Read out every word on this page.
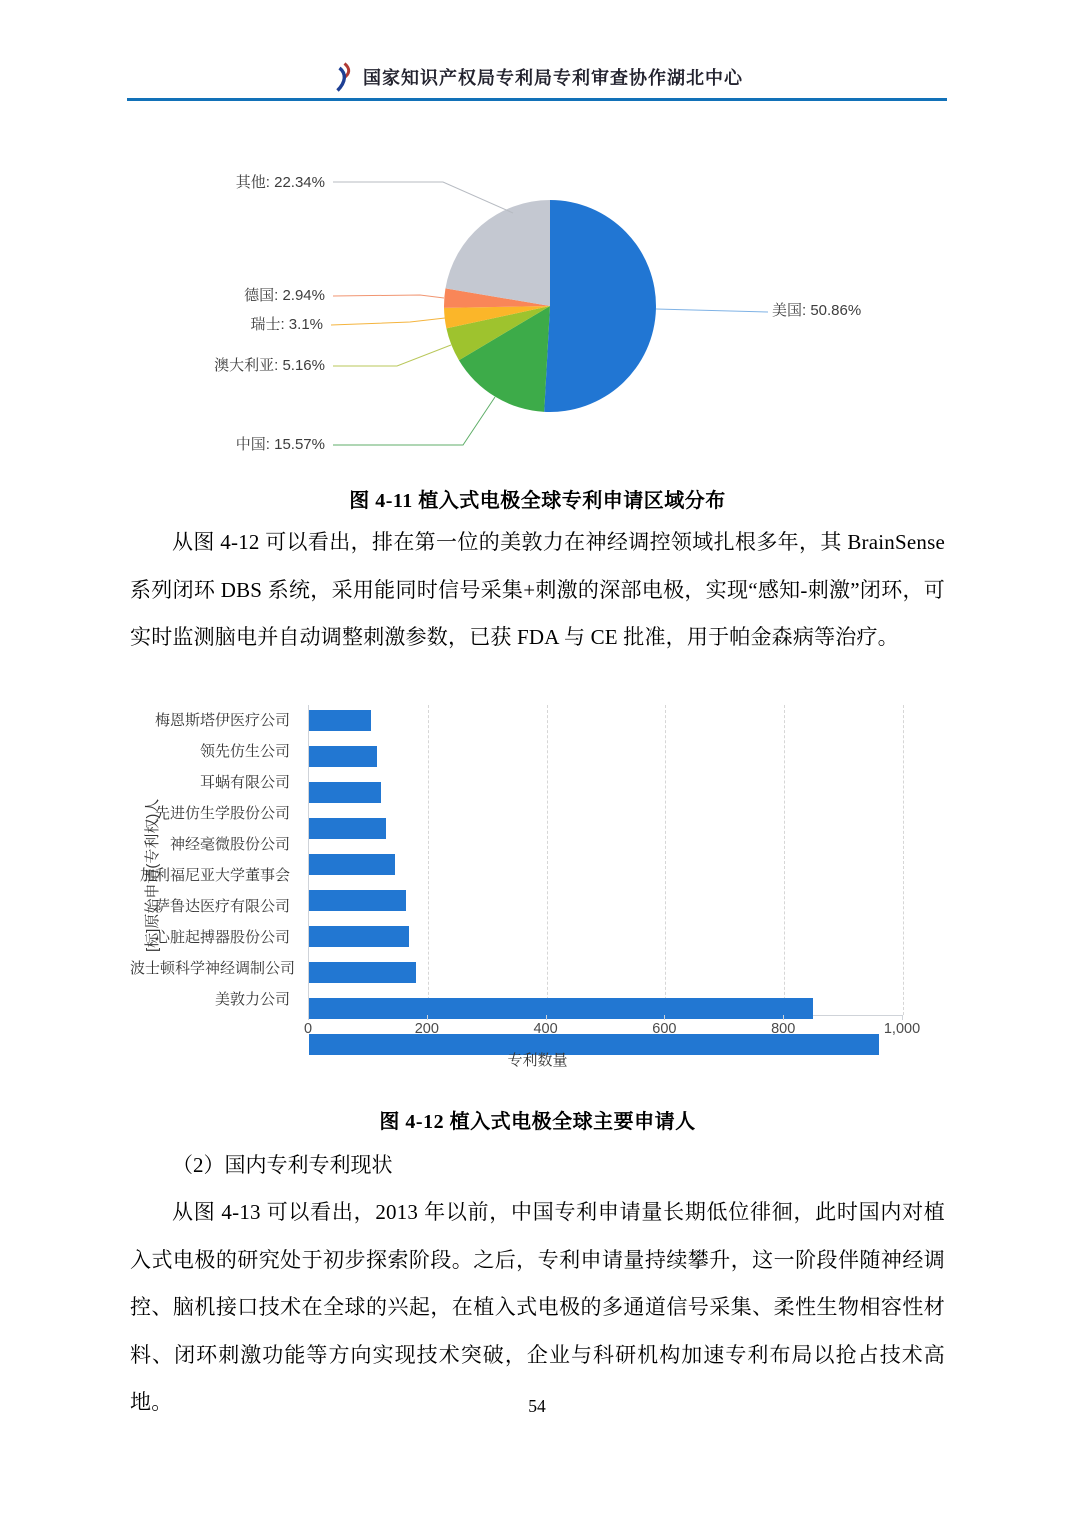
国家知识产权局专利局专利审查协作湖北中心
美国: 50.86%
中国: 15.57%
澳大利亚: 5.16%
瑞士: 3.1%
德国: 2.94%
其他: 22.34%
图 4-11 植入式电极全球专利申请区域分布

从图 4-12 可以看出，排在第一位的美敦力在神经调控领域扎根多年，其 BrainSense 系列闭环 DBS 系统，采用能同时信号采集+刺激的深部电极，实现“感知-刺激”闭环，可实时监测脑电并自动调整刺激参数，已获 FDA 与 CE 批准，用于帕金森病等治疗。

[标]原始申请(专利权)人
梅恩斯塔伊医疗公司
领先仿生公司
耳蜗有限公司
先进仿生学股份公司
神经毫微股份公司
加利福尼亚大学董事会
萨鲁达医疗有限公司
心脏起搏器股份公司
波士顿科学神经调制公司
美敦力公司
专利数量
0	200	400	600	800	1,000
图 4-12 植入式电极全球主要申请人

（2）国内专利专利现状

从图 4-13 可以看出，2013 年以前，中国专利申请量长期低位徘徊，此时国内对植入式电极的研究处于初步探索阶段。之后，专利申请量持续攀升，这一阶段伴随神经调控、脑机接口技术在全球的兴起，在植入式电极的多通道信号采集、柔性生物相容性材料、闭环刺激功能等方向实现技术突破，企业与科研机构加速专利布局以抢占技术高地。	54
